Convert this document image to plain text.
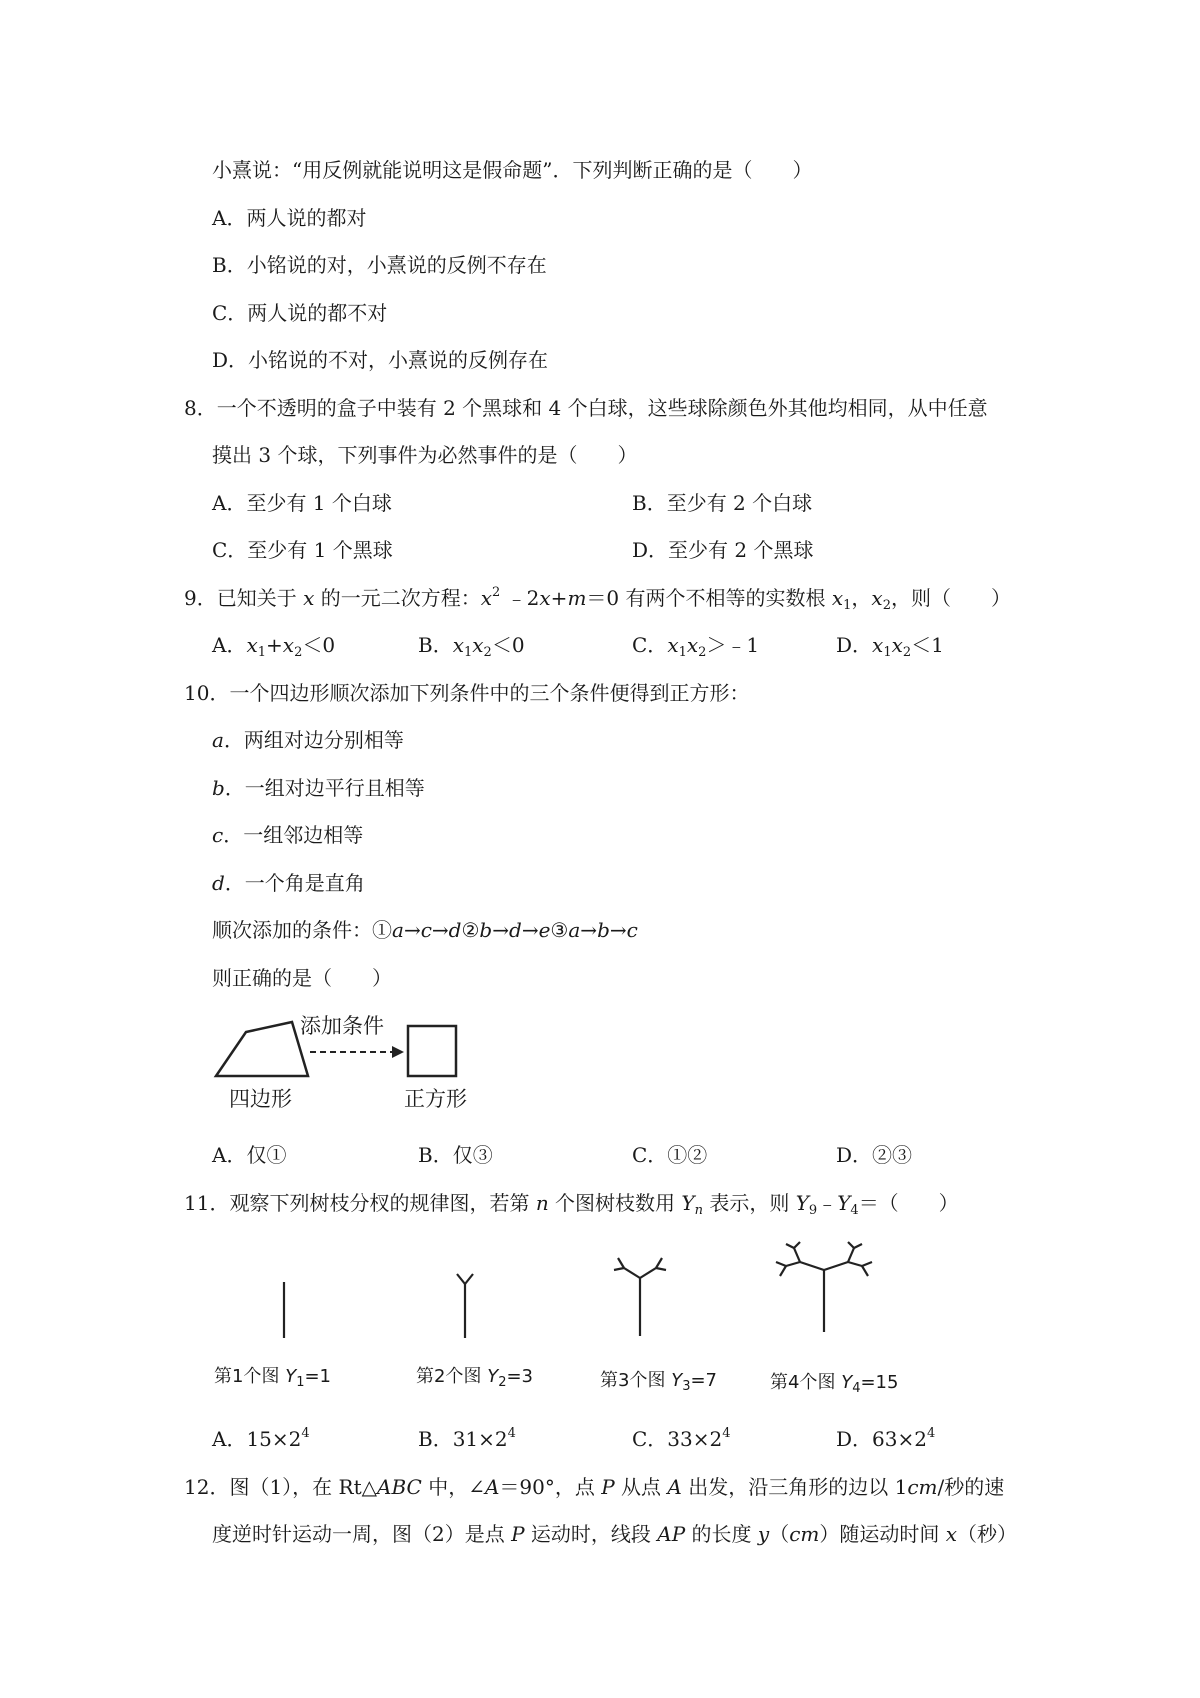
小熹说：“用反例就能说明这是假命题”．下列判断正确的是（　　）
A．两人说的都对
B．小铭说的对，小熹说的反例不存在
C．两人说的都不对
D．小铭说的不对，小熹说的反例存在
8．一个不透明的盒子中装有 2 个黑球和 4 个白球，这些球除颜色外其他均相同，从中任意
摸出 3 个球，下列事件为必然事件的是（　　）
A．至少有 1 个白球	B．至少有 2 个白球
C．至少有 1 个黑球	D．至少有 2 个黑球
9．已知关于 x 的一元二次方程：$x^2$ ﹣2x+m＝0 有两个不相等的实数根 $x_1$，$x_2$，则（　　）
A．$x_1+x_2<0$	B．$x_1x_2<0$	C．$x_1x_2>﹣1$	D．$x_1x_2<1$
10．一个四边形顺次添加下列条件中的三个条件便得到正方形：
a．两组对边分别相等
b．一组对边平行且相等
c．一组邻边相等
d．一个角是直角
顺次添加的条件：①a→c→d②b→d→e③a→b→c
则正确的是（　　）
添加条件
四边形	正方形
A．仅①	B．仅③	C．①②	D．②③
11．观察下列树枝分杈的规律图，若第 n 个图树枝数用 $Y_n$ 表示，则 $Y_9﹣Y_4=$（　　）
第1个图 $Y_1=1$	第2个图 $Y_2=3$	第3个图 $Y_3=7$	第4个图 $Y_4=15$
A．$15\times 2^4$	B．$31\times 2^4$	C．$33\times 2^4$	D．$63\times 2^4$
12．图（1），在 Rt△ABC 中，∠A＝90°，点 P 从点 A 出发，沿三角形的边以 1cm/秒的速
度逆时针运动一周，图（2）是点 P 运动时，线段 AP 的长度 y（cm）随运动时间 x（秒）
